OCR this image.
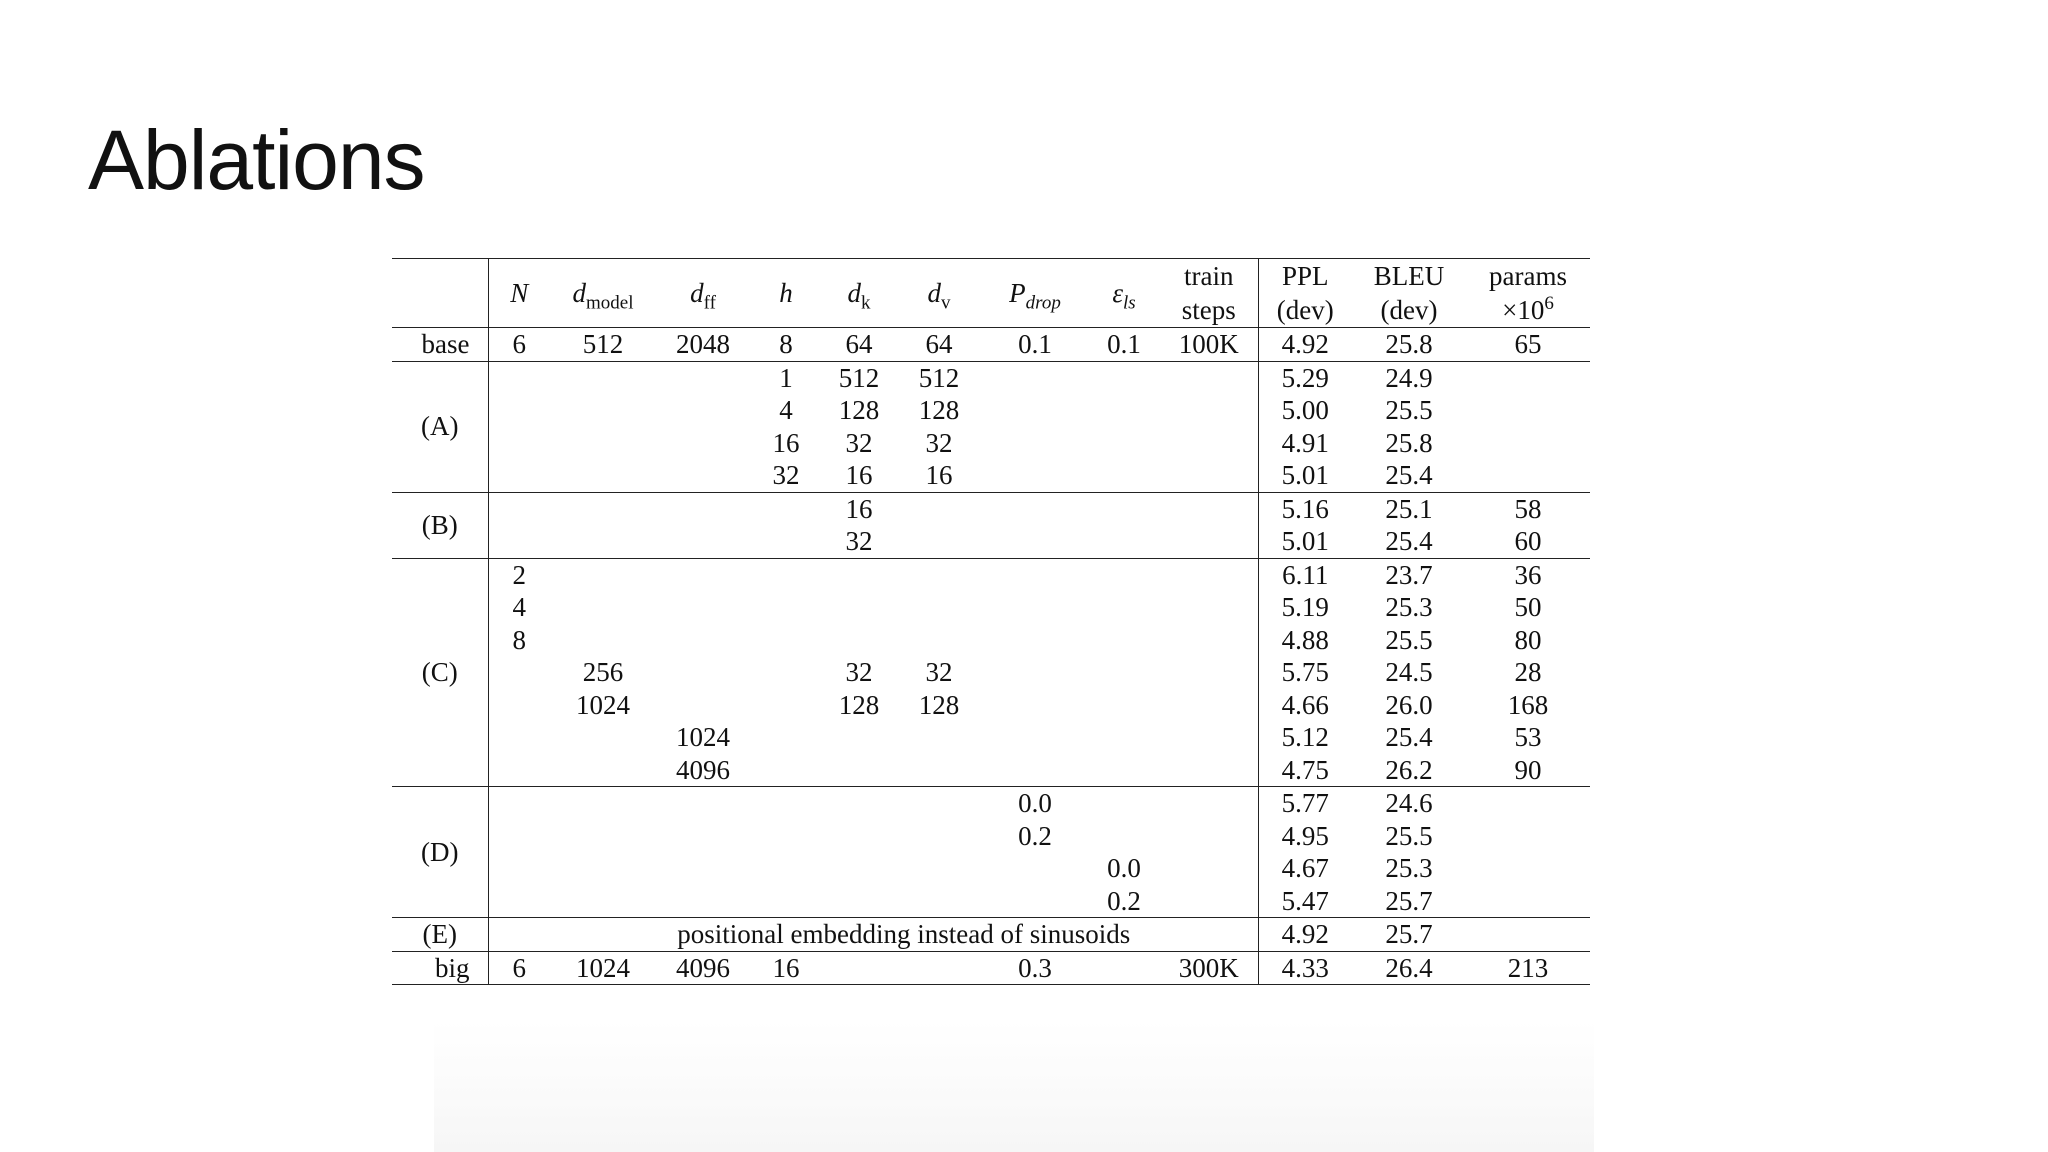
Ablations
	N	$d_{model}$	$d_{ff}$	h	$d_k$	$d_v$	$P_{drop}$	$\varepsilon_{ls}$	train	PPL	BLEU	params
									steps	(dev)	(dev)	$\times 10^6$
base	6	512	2048	8	64	64	0.1	0.1	100K	4.92	25.8	65
(A)				1	512	512				5.29	24.9	
				4	128	128				5.00	25.5	
				16	32	32				4.91	25.8	
				32	16	16				5.01	25.4	
(B)					16					5.16	25.1	58
					32					5.01	25.4	60
(C)	2									6.11	23.7	36
	4									5.19	25.3	50
	8									4.88	25.5	80
		256			32	32				5.75	24.5	28
		1024			128	128				4.66	26.0	168
			1024							5.12	25.4	53
			4096							4.75	26.2	90
(D)							0.0			5.77	24.6	
							0.2			4.95	25.5	
								0.0		4.67	25.3	
								0.2		5.47	25.7	
(E)		positional embedding instead of sinusoids								4.92	25.7	
big	6	1024	4096	16			0.3		300K	4.33	26.4	213
